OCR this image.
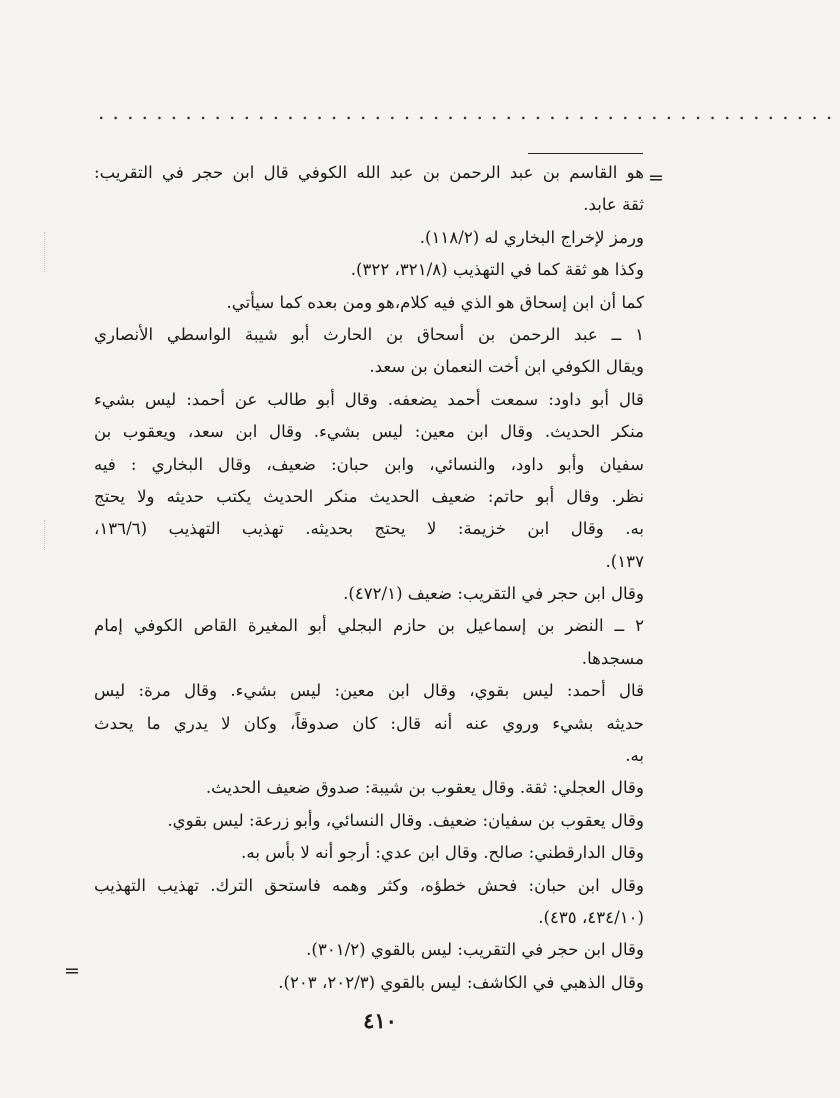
...................................................
=
=
هو القاسم بن عبد الرحمن بن عبد الله الكوفي قال ابن حجر في التقريب:
ثقة عابد.
ورمز لإخراج البخاري له (١١٨/٢).
وكذا هو ثقة كما في التهذيب (٣٢١/٨، ٣٢٢).
كما أن ابن إسحاق هو الذي فيه كلام،هو ومن بعده كما سيأتي.
١ ــ عبد الرحمن بن أسحاق بن الحارث أبو شيبة الواسطي الأنصاري
ويقال الكوفي ابن أخت النعمان بن سعد.
قال أبو داود: سمعت أحمد يضعفه. وقال أبو طالب عن أحمد: ليس بشيء
منكر الحديث. وقال ابن معين: ليس بشيء. وقال ابن سعد، ويعقوب بن
سفيان وأبو داود، والنسائي، وابن حبان: ضعيف، وقال البخاري : فيه
نظر. وقال أبو حاتم: ضعيف الحديث منكر الحديث يكتب حديثه ولا يحتج
به. وقال ابن خزيمة: لا يحتج بحديثه. تهذيب التهذيب (١٣٦/٦،
١٣٧).
وقال ابن حجر في التقريب: ضعيف (٤٧٢/١).
٢ ــ النضر بن إسماعيل بن حازم البجلي أبو المغيرة القاص الكوفي إمام
مسجدها.
قال أحمد: ليس بقوي، وقال ابن معين: ليس بشيء. وقال مرة: ليس
حديثه بشيء وروي عنه أنه قال: كان صدوقاً، وكان لا يدري ما يحدث
به.
وقال العجلي: ثقة. وقال يعقوب بن شيبة: صدوق ضعيف الحديث.
وقال يعقوب بن سفيان: ضعيف. وقال النسائي، وأبو زرعة: ليس بقوي.
وقال الدارقطني: صالح. وقال ابن عدي: أرجو أنه لا بأس به.
وقال ابن حبان: فحش خطؤه، وكثر وهمه فاستحق الترك. تهذيب التهذيب
(٤٣٤/١٠، ٤٣٥).
وقال ابن حجر في التقريب: ليس بالقوي (٣٠١/٢).
وقال الذهبي في الكاشف: ليس بالقوي (٢٠٢/٣، ٢٠٣).
٤١٠
